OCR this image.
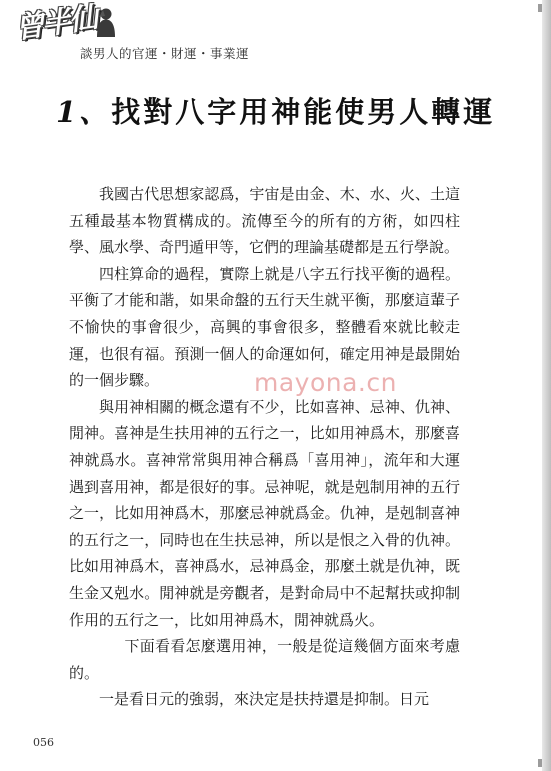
曾半仙
談男人的官運・財運・事業運
1、找對八字用神能使男人轉運

我國古代思想家認爲，宇宙是由金、木、水、火、土這五種最基本物質構成的。流傳至今的所有的方術，如四柱學、風水學、奇門遁甲等，它們的理論基礎都是五行學說。

四柱算命的過程，實際上就是八字五行找平衡的過程。平衡了才能和諧，如果命盤的五行天生就平衡，那麼這輩子不愉快的事會很少，高興的事會很多，整體看來就比較走運，也很有福。預測一個人的命運如何，確定用神是最開始的一個步驟。

與用神相關的概念還有不少，比如喜神、忌神、仇神、閒神。喜神是生扶用神的五行之一，比如用神爲木，那麼喜神就爲水。喜神常常與用神合稱爲「喜用神」，流年和大運遇到喜用神，都是很好的事。忌神呢，就是剋制用神的五行之一，比如用神爲木，那麼忌神就爲金。仇神，是剋制喜神的五行之一，同時也在生扶忌神，所以是恨之入骨的仇神。比如用神爲木，喜神爲水，忌神爲金，那麼土就是仇神，既生金又剋水。閒神就是旁觀者，是對命局中不起幫扶或抑制作用的五行之一，比如用神爲木，閒神就爲火。

下面看看怎麼選用神，一般是從這幾個方面來考慮的。

一是看日元的強弱，來決定是扶持還是抑制。日元

mayona.cn
056
